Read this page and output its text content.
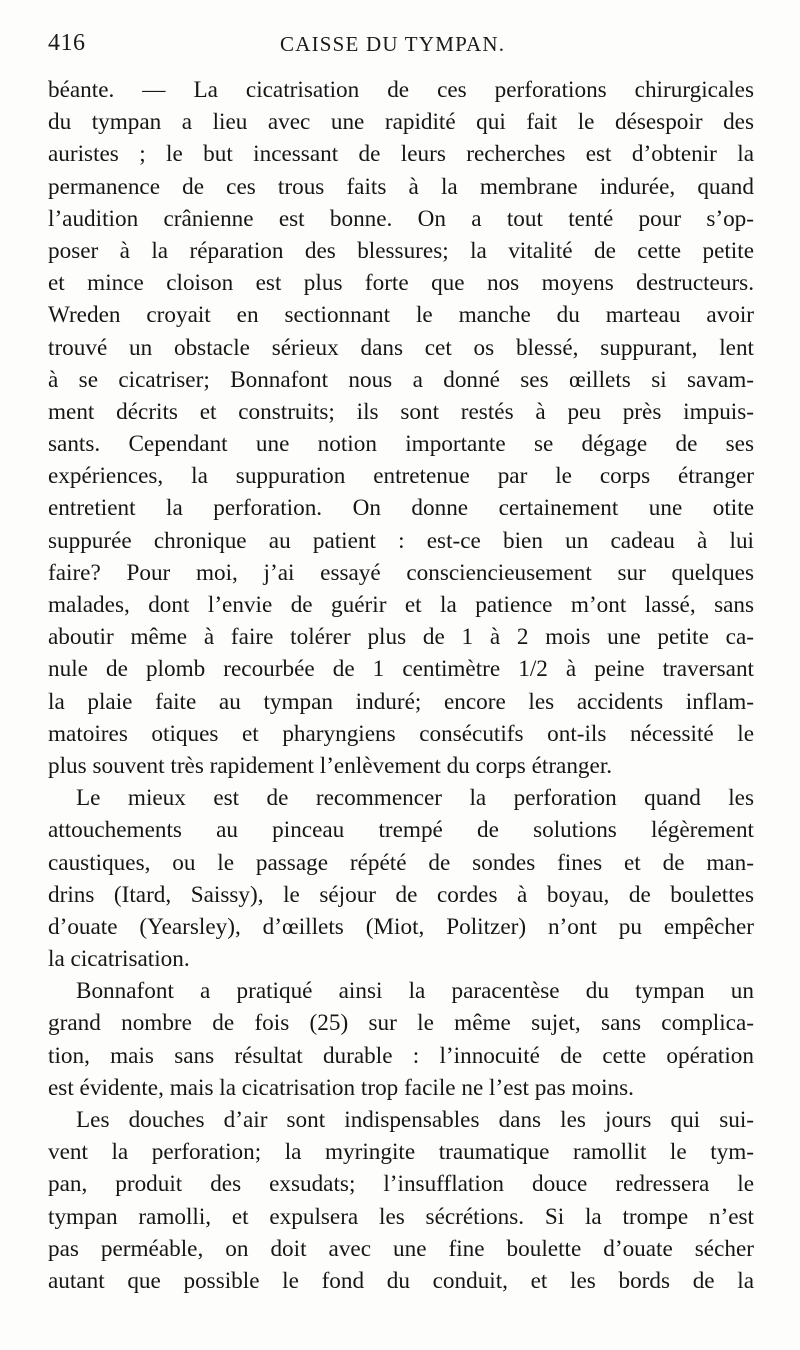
416	CAISSE DU TYMPAN.
béante. — La cicatrisation de ces perforations chirurgicales
du tympan a lieu avec une rapidité qui fait le désespoir des
auristes ; le but incessant de leurs recherches est d’obtenir la
permanence de ces trous faits à la membrane indurée, quand
l’audition crânienne est bonne. On a tout tenté pour s’op-
poser à la réparation des blessures; la vitalité de cette petite
et mince cloison est plus forte que nos moyens destructeurs.
Wreden croyait en sectionnant le manche du marteau avoir
trouvé un obstacle sérieux dans cet os blessé, suppurant, lent
à se cicatriser; Bonnafont nous a donné ses œillets si savam-
ment décrits et construits; ils sont restés à peu près impuis-
sants. Cependant une notion importante se dégage de ses
expériences, la suppuration entretenue par le corps étranger
entretient la perforation. On donne certainement une otite
suppurée chronique au patient : est-ce bien un cadeau à lui
faire? Pour moi, j’ai essayé consciencieusement sur quelques
malades, dont l’envie de guérir et la patience m’ont lassé, sans
aboutir même à faire tolérer plus de 1 à 2 mois une petite ca-
nule de plomb recourbée de 1 centimètre 1/2 à peine traversant
la plaie faite au tympan induré; encore les accidents inflam-
matoires otiques et pharyngiens consécutifs ont-ils nécessité le
plus souvent très rapidement l’enlèvement du corps étranger.
Le mieux est de recommencer la perforation quand les
attouchements au pinceau trempé de solutions légèrement
caustiques, ou le passage répété de sondes fines et de man-
drins (Itard, Saissy), le séjour de cordes à boyau, de boulettes
d’ouate (Yearsley), d’œillets (Miot, Politzer) n’ont pu empêcher
la cicatrisation.
Bonnafont a pratiqué ainsi la paracentèse du tympan un
grand nombre de fois (25) sur le même sujet, sans complica-
tion, mais sans résultat durable : l’innocuité de cette opération
est évidente, mais la cicatrisation trop facile ne l’est pas moins.
Les douches d’air sont indispensables dans les jours qui sui-
vent la perforation; la myringite traumatique ramollit le tym-
pan, produit des exsudats; l’insufflation douce redressera le
tympan ramolli, et expulsera les sécrétions. Si la trompe n’est
pas perméable, on doit avec une fine boulette d’ouate sécher
autant que possible le fond du conduit, et les bords de la
